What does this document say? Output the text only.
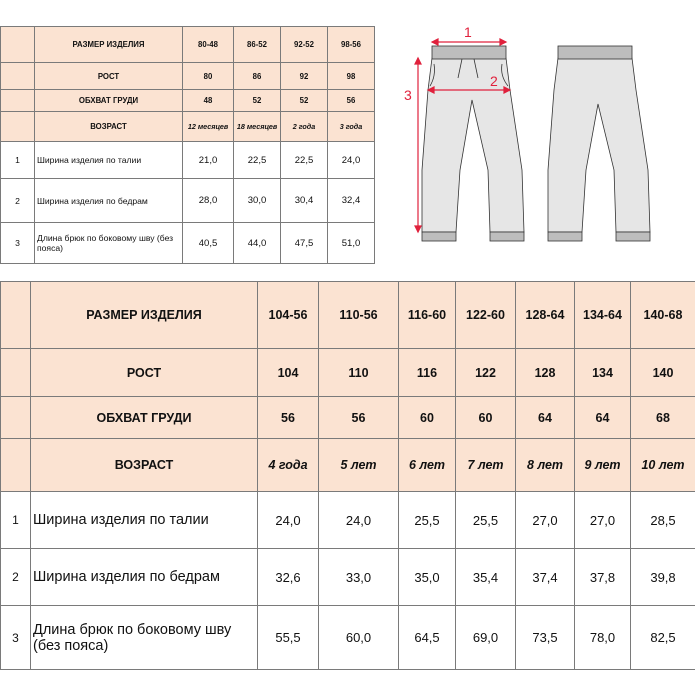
	РАЗМЕР ИЗДЕЛИЯ	80-48	86-52	92-52	98-56
	РОСТ	80	86	92	98
	ОБХВАТ ГРУДИ	48	52	52	56
	ВОЗРАСТ	12 месяцев	18 месяцев	2 года	3 года
1	Ширина изделия по талии	21,0	22,5	22,5	24,0
2	Ширина изделия по бедрам	28,0	30,0	30,4	32,4
3	Длина брюк по боковому шву (без пояса)	40,5	44,0	47,5	51,0
1
2
3
	РАЗМЕР ИЗДЕЛИЯ	104-56	110-56	116-60	122-60	128-64	134-64	140-68
	РОСТ	104	110	116	122	128	134	140
	ОБХВАТ ГРУДИ	56	56	60	60	64	64	68
	ВОЗРАСТ	4 года	5 лет	6 лет	7 лет	8 лет	9 лет	10 лет
1	Ширина изделия по талии	24,0	24,0	25,5	25,5	27,0	27,0	28,5
2	Ширина изделия по бедрам	32,6	33,0	35,0	35,4	37,4	37,8	39,8
3	Длина брюк по боковому шву (без пояса)	55,5	60,0	64,5	69,0	73,5	78,0	82,5
